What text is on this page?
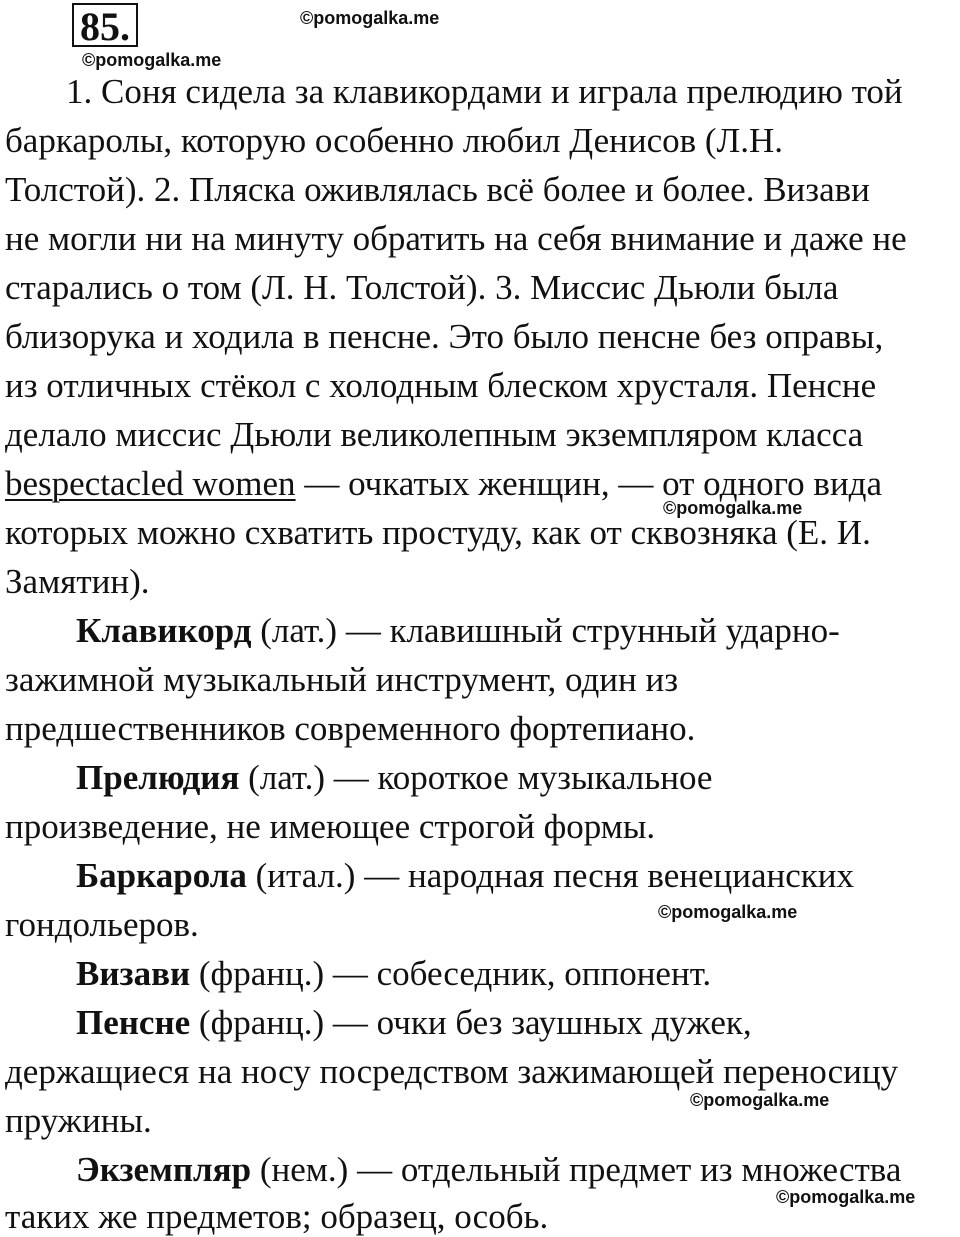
85.	©pomogalka.me
©pomogalka.me
1. Соня сидела за клавикордами и играла прелюдию той
баркаролы, которую особенно любил Денисов (Л.Н.
Толстой). 2. Пляска оживлялась всё более и более. Визави
не могли ни на минуту обратить на себя внимание и даже не
старались о том (Л. Н. Толстой). 3. Миссис Дьюли была
близорука и ходила в пенсне. Это было пенсне без оправы,
из отличных стёкол с холодным блеском хрусталя. Пенсне
делало миссис Дьюли великолепным экземпляром класса
bespectacled women — очкатых женщин, — от одного вида
©pomogalka.me
которых можно схватить простуду, как от сквозняка (Е. И.
Замятин).
Клавикорд (лат.) — клавишный струнный ударно-
зажимной музыкальный инструмент, один из
предшественников современного фортепиано.
Прелюдия (лат.) — короткое музыкальное
произведение, не имеющее строгой формы.
Баркарола (итал.) — народная песня венецианских
гондольеров.	©pomogalka.me
Визави (франц.) — собеседник, оппонент.
Пенсне (франц.) — очки без заушных дужек,
держащиеся на носу посредством зажимающей переносицу
пружины.
©pomogalka.me
Экземпляр (нем.) — отдельный предмет из множества
таких же предметов; образец, особь.	©pomogalka.me
